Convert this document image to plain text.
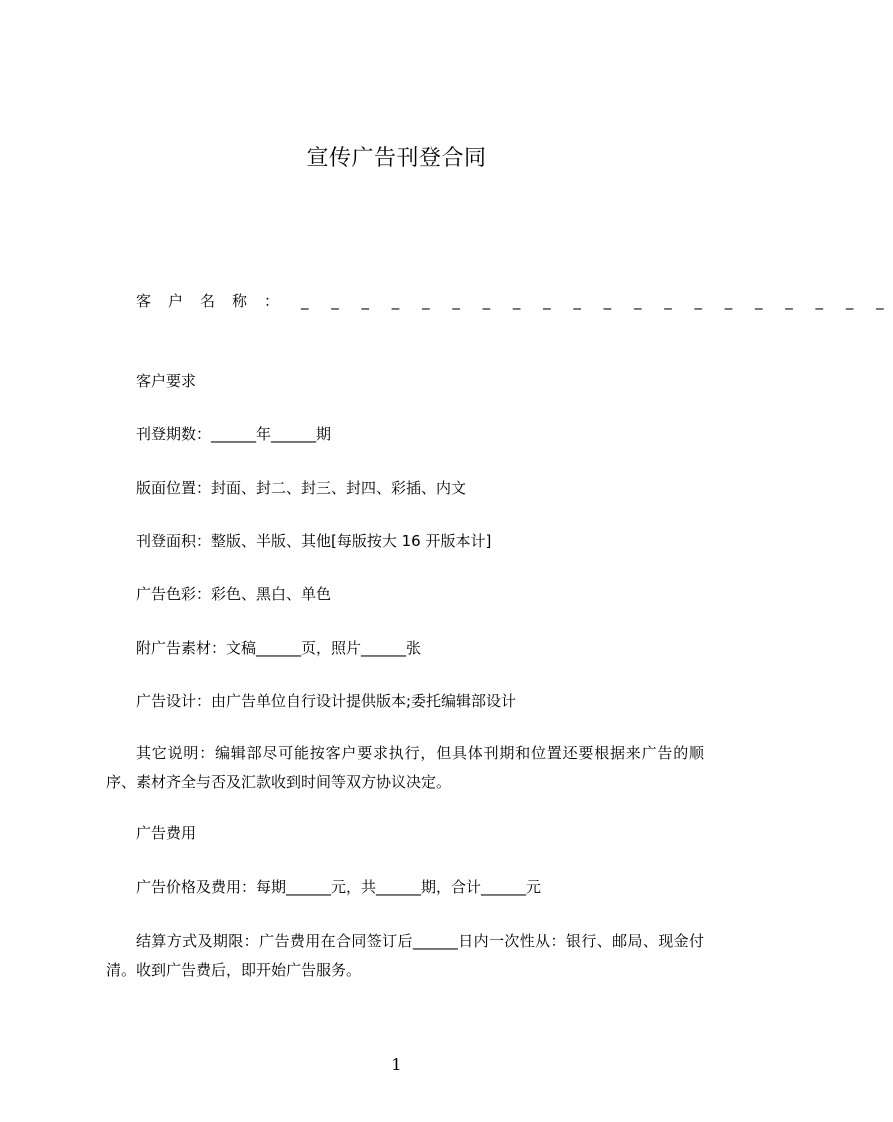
宣传广告刊登合同
客户名称： _ _ _ _ _ _ _ _ _ _ _ _ _ _ _ _ _ _ _ _
客户要求
刊登期数：______年______期
版面位置：封面、封二、封三、封四、彩插、内文
刊登面积：整版、半版、其他[每版按大 16 开版本计]
广告色彩：彩色、黑白、单色
附广告素材：文稿______页，照片______张
广告设计：由广告单位自行设计提供版本;委托编辑部设计
其它说明：编辑部尽可能按客户要求执行，但具体刊期和位置还要根据来广告的顺序、素材齐全与否及汇款收到时间等双方协议决定。
广告费用
广告价格及费用：每期______元，共______期，合计______元
结算方式及期限：广告费用在合同签订后______日内一次性从：银行、邮局、现金付清。收到广告费后，即开始广告服务。
1
